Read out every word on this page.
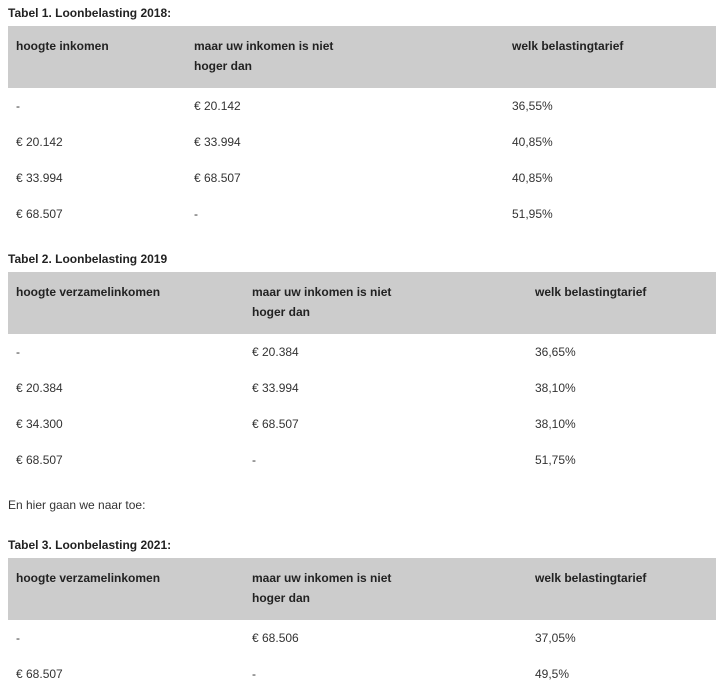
Tabel 1. Loonbelasting 2018:

hoogte inkomen	maar uw inkomen is niet hoger dan	welk belastingtarief
-	€ 20.142	36,55%
€ 20.142	€ 33.994	40,85%
€ 33.994	€ 68.507	40,85%
€ 68.507	-	51,95%

Tabel 2. Loonbelasting 2019

hoogte verzamelinkomen	maar uw inkomen is niet hoger dan	welk belastingtarief
-	€ 20.384	36,65%
€ 20.384	€ 33.994	38,10%
€ 34.300	€ 68.507	38,10%
€ 68.507	-	51,75%

En hier gaan we naar toe:

Tabel 3. Loonbelasting 2021:

hoogte verzamelinkomen	maar uw inkomen is niet hoger dan	welk belastingtarief
-	€ 68.506	37,05%
€ 68.507	-	49,5%
